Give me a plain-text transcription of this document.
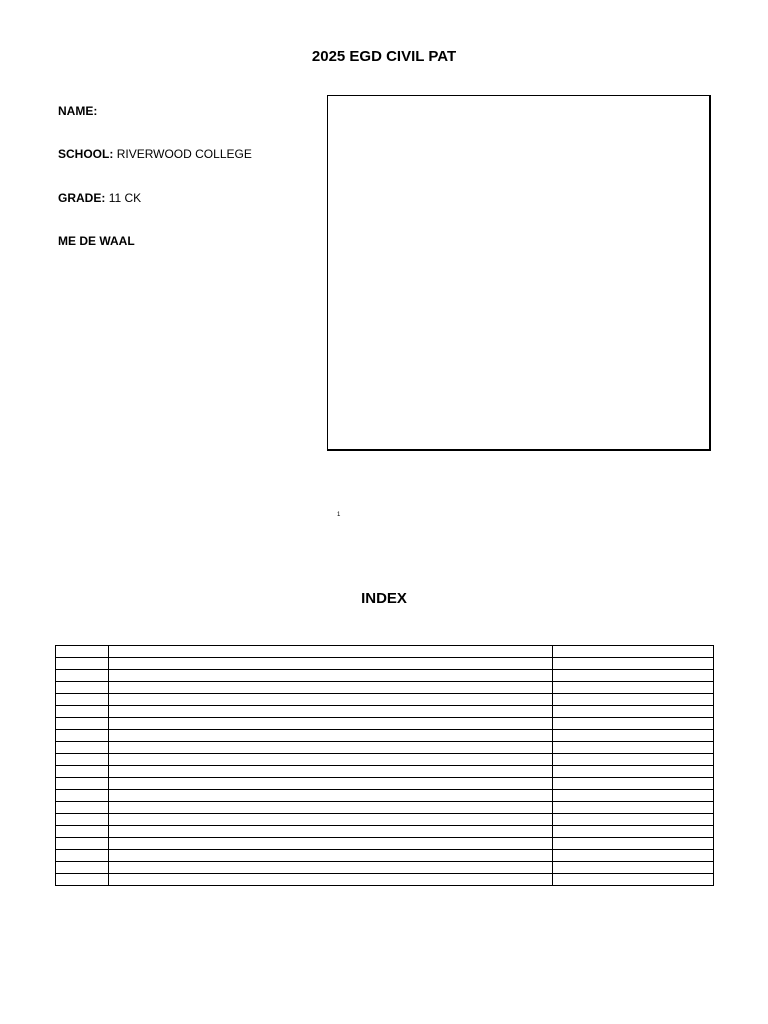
2025 EGD CIVIL PAT
NAME:
SCHOOL: RIVERWOOD COLLEGE
GRADE: 11 CK
ME DE WAAL
1
INDEX
